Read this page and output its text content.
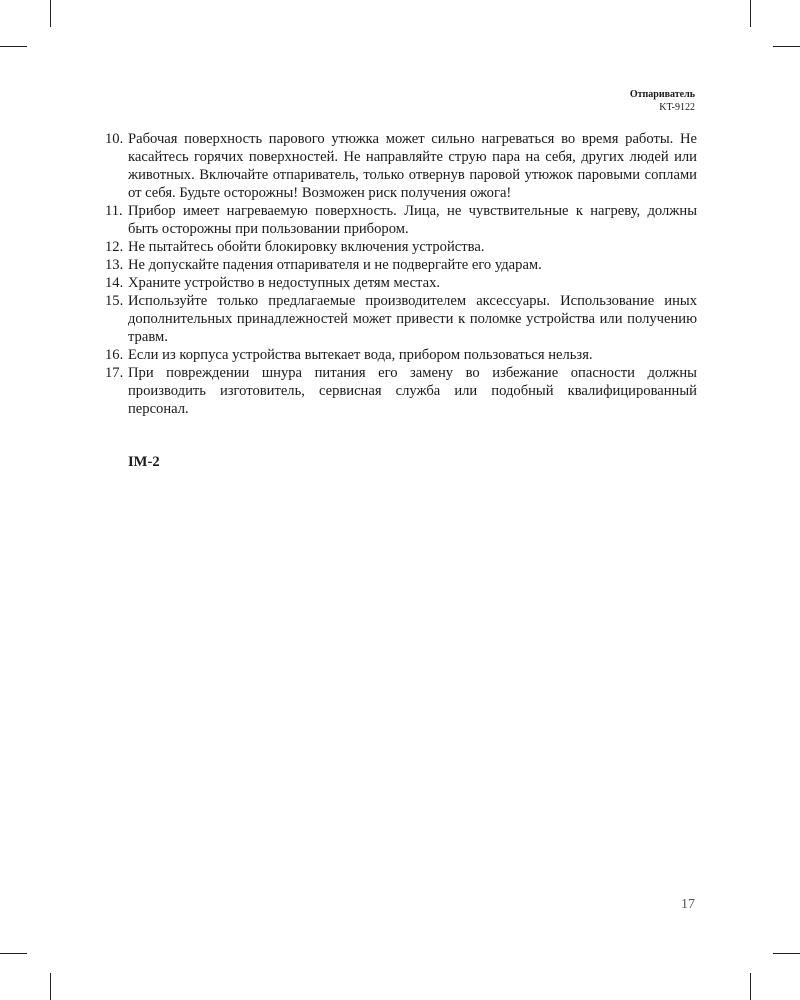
Отпариватель
KT-9122
10. Рабочая поверхность парового утюжка может сильно нагреваться во время работы. Не касайтесь горячих поверхностей. Не направляйте струю пара на себя, других людей или животных. Включайте отпариватель, только отвернув паровой утюжок паровыми соплами от себя. Будьте осторожны! Возможен риск получения ожога!
11. Прибор имеет нагреваемую поверхность. Лица, не чувствительные к нагреву, должны быть осторожны при пользовании прибором.
12. Не пытайтесь обойти блокировку включения устройства.
13. Не допускайте падения отпаривателя и не подвергайте его ударам.
14. Храните устройство в недоступных детям местах.
15. Используйте только предлагаемые производителем аксессуары. Использование иных дополнительных принадлежностей может привести к поломке устройства или получению травм.
16. Если из корпуса устройства вытекает вода, прибором пользоваться нельзя.
17. При повреждении шнура питания его замену во избежание опасности должны производить изготовитель, сервисная служба или подобный квалифицированный персонал.
IM-2
17
